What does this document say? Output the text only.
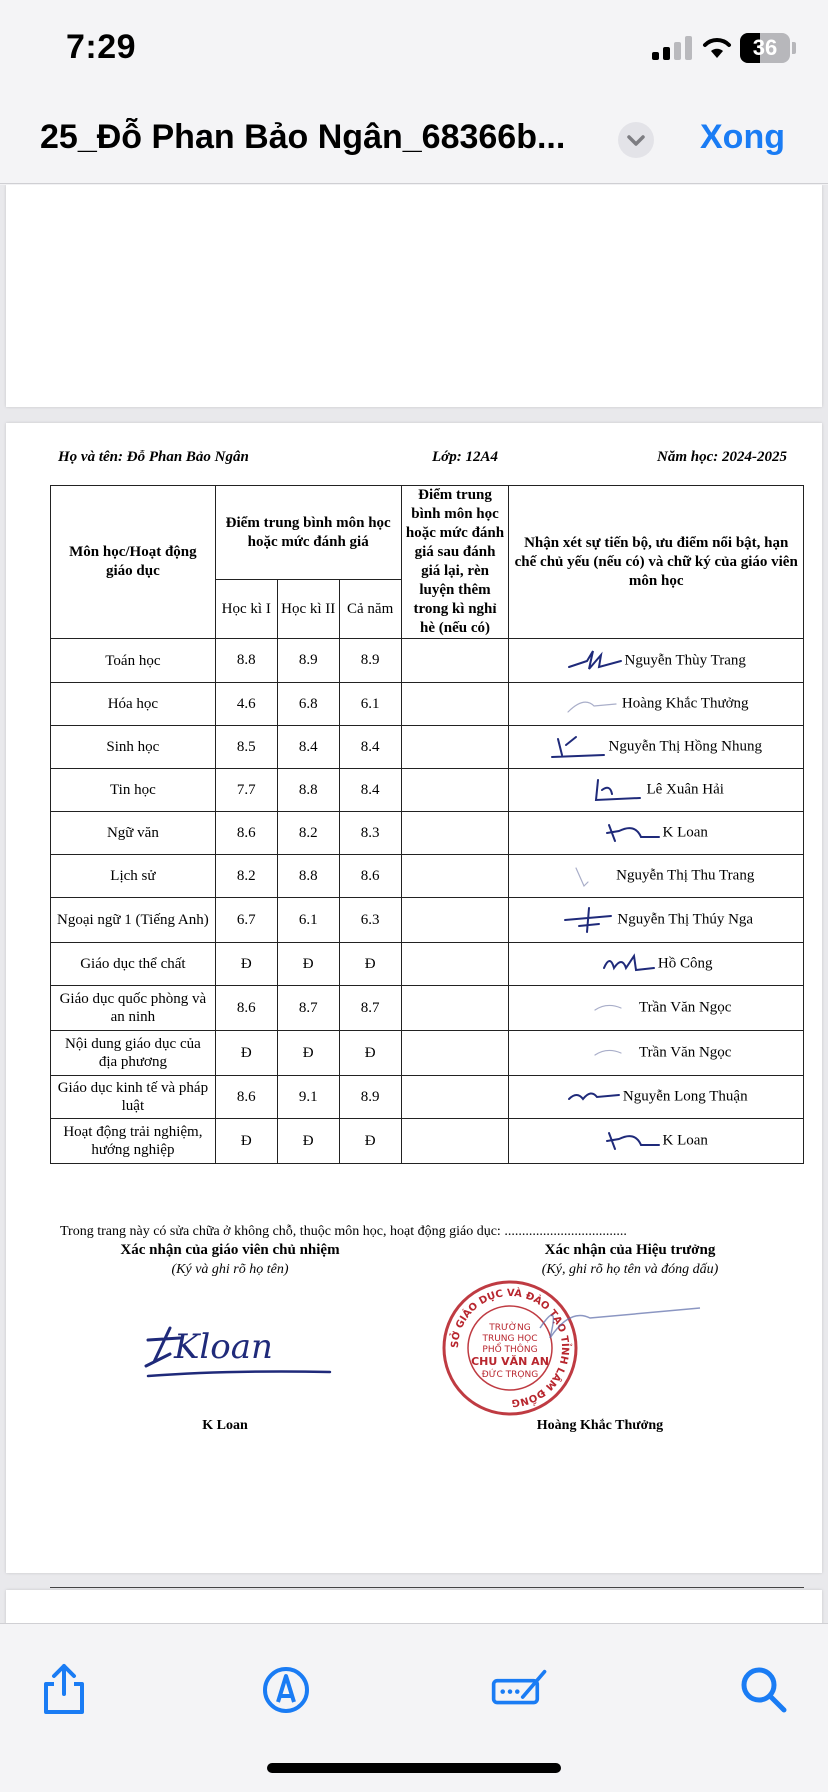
7:29	36
25_Đỗ Phan Bảo Ngân_68366b...	Xong
Họ và tên: Đỗ Phan Bảo Ngân	Lớp: 12A4	Năm học: 2024-2025
Môn học/Hoạt động giáo dục	Điểm trung bình môn học hoặc mức đánh giá			Điểm trung bình môn học hoặc mức đánh giá sau đánh giá lại, rèn luyện thêm trong kì nghỉ hè (nếu có)	Nhận xét sự tiến bộ, ưu điểm nổi bật, hạn chế chủ yếu (nếu có) và chữ ký của giáo viên môn học
	Học kì I	Học kì II	Cả năm		
Toán học	8.8	8.9	8.9		Nguyễn Thùy Trang
Hóa học	4.6	6.8	6.1		Hoàng Khắc Thưởng
Sinh học	8.5	8.4	8.4		Nguyễn Thị Hồng Nhung
Tin học	7.7	8.8	8.4		Lê Xuân Hải
Ngữ văn	8.6	8.2	8.3		K Loan
Lịch sử	8.2	8.8	8.6		Nguyễn Thị Thu Trang
Ngoại ngữ 1 (Tiếng Anh)	6.7	6.1	6.3		Nguyễn Thị Thúy Nga
Giáo dục thể chất	Đ	Đ	Đ		Hồ Công
Giáo dục quốc phòng và an ninh	8.6	8.7	8.7		Trần Văn Ngọc
Nội dung giáo dục của địa phương	Đ	Đ	Đ		Trần Văn Ngọc
Giáo dục kinh tế và pháp luật	8.6	9.1	8.9		Nguyễn Long Thuận
Hoạt động trải nghiệm, hướng nghiệp	Đ	Đ	Đ		K Loan
Trong trang này có sửa chữa ở không chỗ, thuộc môn học, hoạt động giáo dục: ...................................
Xác nhận của giáo viên chủ nhiệm
(Ký và ghi rõ họ tên)
Xác nhận của Hiệu trưởng
(Ký, ghi rõ họ tên và đóng dấu)
Kloan	SỞ GIÁO DỤC VÀ ĐÀO TẠO TỈNH LÂM ĐỒNG
TRƯỜNG
TRUNG HỌC
PHỔ THÔNG
CHU VĂN AN
ĐỨC TRỌNG
K Loan	Hoàng Khắc Thưởng
